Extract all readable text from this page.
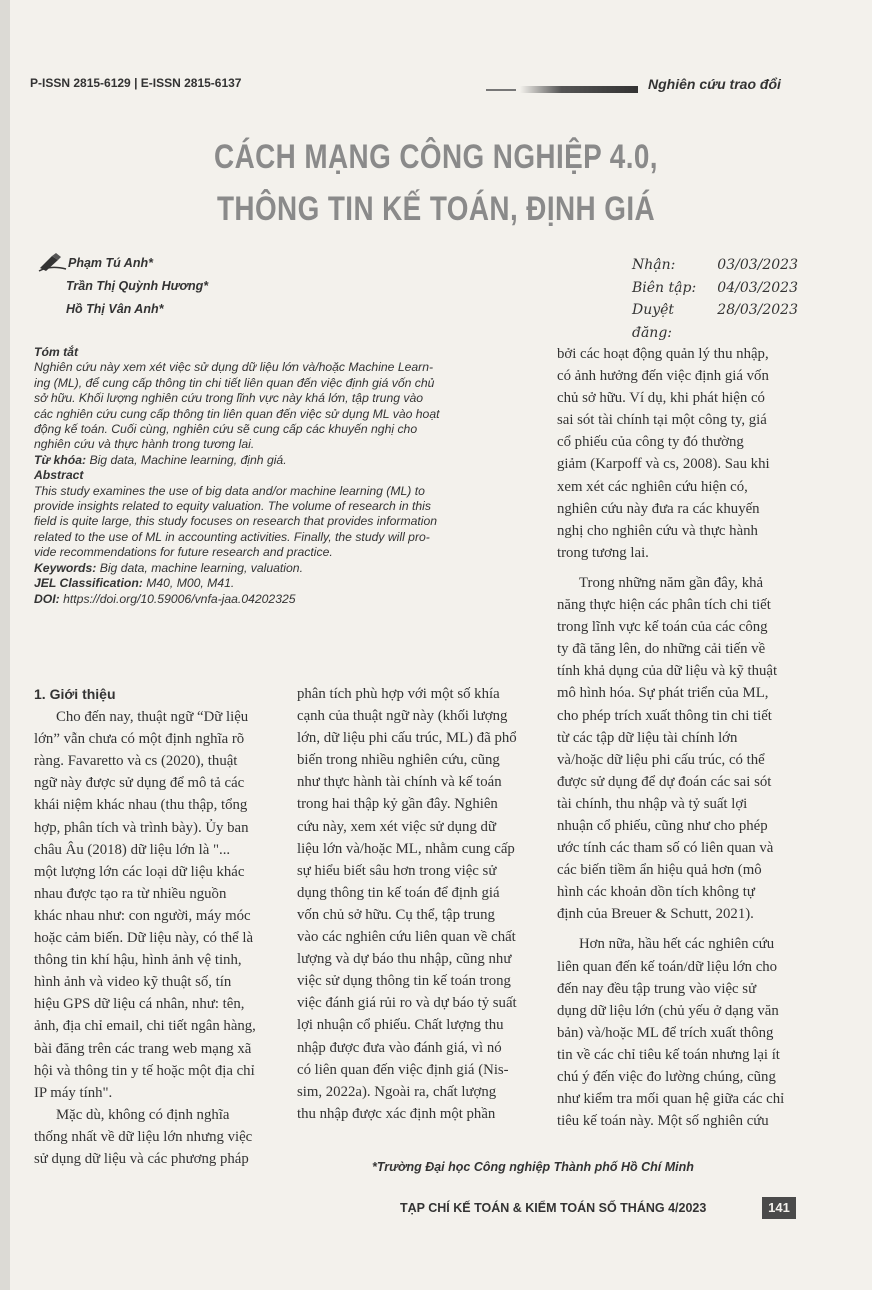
P-ISSN 2815-6129 | E-ISSN 2815-6137	Nghiên cứu trao đổi
CÁCH MẠNG CÔNG NGHIỆP 4.0,
THÔNG TIN KẾ TOÁN, ĐỊNH GIÁ
Phạm Tú Anh*
Trần Thị Quỳnh Hương*
Hồ Thị Vân Anh*
Nhận:	03/03/2023
Biên tập: 04/03/2023
Duyệt đăng:
28/03/2023

Tóm tắt

Nghiên cứu này xem xét việc sử dụng dữ liệu lớn và/hoặc Machine Learn-

ing (ML), để cung cấp thông tin chi tiết liên quan đến việc định giá vốn chủ

sở hữu. Khối lượng nghiên cứu trong lĩnh vực này khá lớn, tập trung vào

các nghiên cứu cung cấp thông tin liên quan đến việc sử dụng ML vào hoạt

động kế toán. Cuối cùng, nghiên cứu sẽ cung cấp các khuyến nghị cho

nghiên cứu và thực hành trong tương lai.

Từ khóa: Big data, Machine learning, định giá.

Abstract

This study examines the use of big data and/or machine learning (ML) to

provide insights related to equity valuation. The volume of research in this

field is quite large, this study focuses on research that provides information

related to the use of ML in accounting activities. Finally, the study will pro-

vide recommendations for future research and practice.

Keywords: Big data, machine learning, valuation.

JEL Classification: M40, M00, M41.

DOI: https://doi.org/10.59006/vnfa-jaa.04202325

1. Giới thiệu

Cho đến nay, thuật ngữ “Dữ liệu

lớn” vẫn chưa có một định nghĩa rõ

ràng. Favaretto và cs (2020), thuật

ngữ này được sử dụng để mô tả các

khái niệm khác nhau (thu thập, tổng

hợp, phân tích và trình bày). Ủy ban

châu Âu (2018) dữ liệu lớn là "...

một lượng lớn các loại dữ liệu khác

nhau được tạo ra từ nhiều nguồn

khác nhau như: con người, máy móc

hoặc cảm biến. Dữ liệu này, có thể là

thông tin khí hậu, hình ảnh vệ tinh,

hình ảnh và video kỹ thuật số, tín

hiệu GPS dữ liệu cá nhân, như: tên,

ảnh, địa chỉ email, chi tiết ngân hàng,

bài đăng trên các trang web mạng xã

hội và thông tin y tế hoặc một địa chỉ

IP máy tính".

Mặc dù, không có định nghĩa

thống nhất về dữ liệu lớn nhưng việc

sử dụng dữ liệu và các phương pháp

phân tích phù hợp với một số khía

cạnh của thuật ngữ này (khối lượng

lớn, dữ liệu phi cấu trúc, ML) đã phổ

biến trong nhiều nghiên cứu, cũng

như thực hành tài chính và kế toán

trong hai thập kỷ gần đây. Nghiên

cứu này, xem xét việc sử dụng dữ

liệu lớn và/hoặc ML, nhằm cung cấp

sự hiểu biết sâu hơn trong việc sử

dụng thông tin kế toán để định giá

vốn chủ sở hữu. Cụ thể, tập trung

vào các nghiên cứu liên quan về chất

lượng và dự báo thu nhập, cũng như

việc sử dụng thông tin kế toán trong

việc đánh giá rủi ro và dự báo tỷ suất

lợi nhuận cổ phiếu. Chất lượng thu

nhập được đưa vào đánh giá, vì nó

có liên quan đến việc định giá (Nis-

sim, 2022a). Ngoài ra, chất lượng

thu nhập được xác định một phần

bởi các hoạt động quản lý thu nhập,

có ảnh hưởng đến việc định giá vốn

chủ sở hữu. Ví dụ, khi phát hiện có

sai sót tài chính tại một công ty, giá

cổ phiếu của công ty đó thường

giảm (Karpoff và cs, 2008). Sau khi

xem xét các nghiên cứu hiện có,

nghiên cứu này đưa ra các khuyến

nghị cho nghiên cứu và thực hành

trong tương lai.

Trong những năm gần đây, khả

năng thực hiện các phân tích chi tiết

trong lĩnh vực kế toán của các công

ty đã tăng lên, do những cải tiến về

tính khả dụng của dữ liệu và kỹ thuật

mô hình hóa. Sự phát triển của ML,

cho phép trích xuất thông tin chi tiết

từ các tập dữ liệu tài chính lớn

và/hoặc dữ liệu phi cấu trúc, có thể

được sử dụng để dự đoán các sai sót

tài chính, thu nhập và tỷ suất lợi

nhuận cổ phiếu, cũng như cho phép

ước tính các tham số có liên quan và

các biến tiềm ẩn hiệu quả hơn (mô

hình các khoản dồn tích không tự

định của Breuer & Schutt, 2021).

Hơn nữa, hầu hết các nghiên cứu

liên quan đến kế toán/dữ liệu lớn cho

đến nay đều tập trung vào việc sử

dụng dữ liệu lớn (chủ yếu ở dạng văn

bản) và/hoặc ML để trích xuất thông

tin về các chỉ tiêu kế toán nhưng lại ít

chú ý đến việc đo lường chúng, cũng

như kiểm tra mối quan hệ giữa các chỉ

tiêu kế toán này. Một số nghiên cứu

*Trường Đại học Công nghiệp Thành phố Hồ Chí Minh
TẠP CHÍ KẾ TOÁN & KIỂM TOÁN SỐ THÁNG 4/2023	141
